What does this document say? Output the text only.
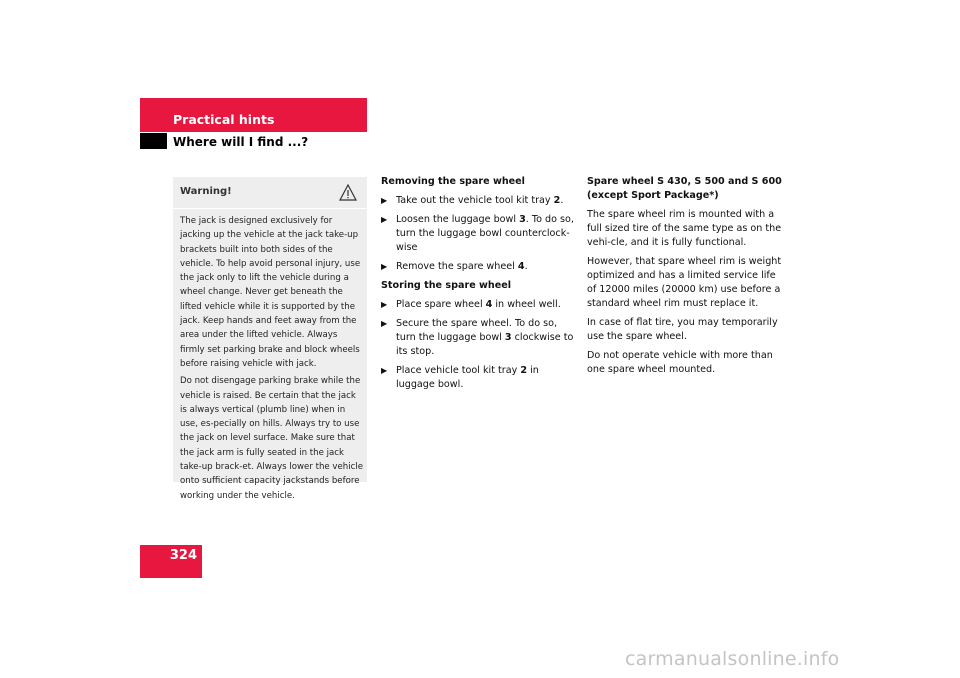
Practical hints
Where will I find ...?
Warning!

The jack is designed exclusively for jacking up the vehicle at the jack take-up brackets built into both sides of the vehicle. To help avoid personal injury, use the jack only to lift the vehicle during a wheel change. Never get beneath the lifted vehicle while it is supported by the jack. Keep hands and feet away from the area under the lifted vehicle. Always firmly set parking brake and block wheels before raising vehicle with jack.

Do not disengage parking brake while the vehicle is raised. Be certain that the jack is always vertical (plumb line) when in use, es-pecially on hills. Always try to use the jack on level surface. Make sure that the jack arm is fully seated in the jack take-up brack-et. Always lower the vehicle onto sufficient capacity jackstands before working under the vehicle.

Removing the spare wheel
▶ Take out the vehicle tool kit tray 2.
▶ Loosen the luggage bowl 3. To do so, turn the luggage bowl counterclock-wise
▶ Remove the spare wheel 4.
Storing the spare wheel
▶ Place spare wheel 4 in wheel well.
▶ Secure the spare wheel. To do so, turn the luggage bowl 3 clockwise to its stop.
▶ Place vehicle tool kit tray 2 in luggage bowl.
Spare wheel S 430, S 500 and S 600 (except Sport Package*)
The spare wheel rim is mounted with a full sized tire of the same type as on the vehi-cle, and it is fully functional.
However, that spare wheel rim is weight optimized and has a limited service life of 12000 miles (20000 km) use before a standard wheel rim must replace it.
In case of flat tire, you may temporarily use the spare wheel.
Do not operate vehicle with more than one spare wheel mounted.
324
carmanualsonline.info
